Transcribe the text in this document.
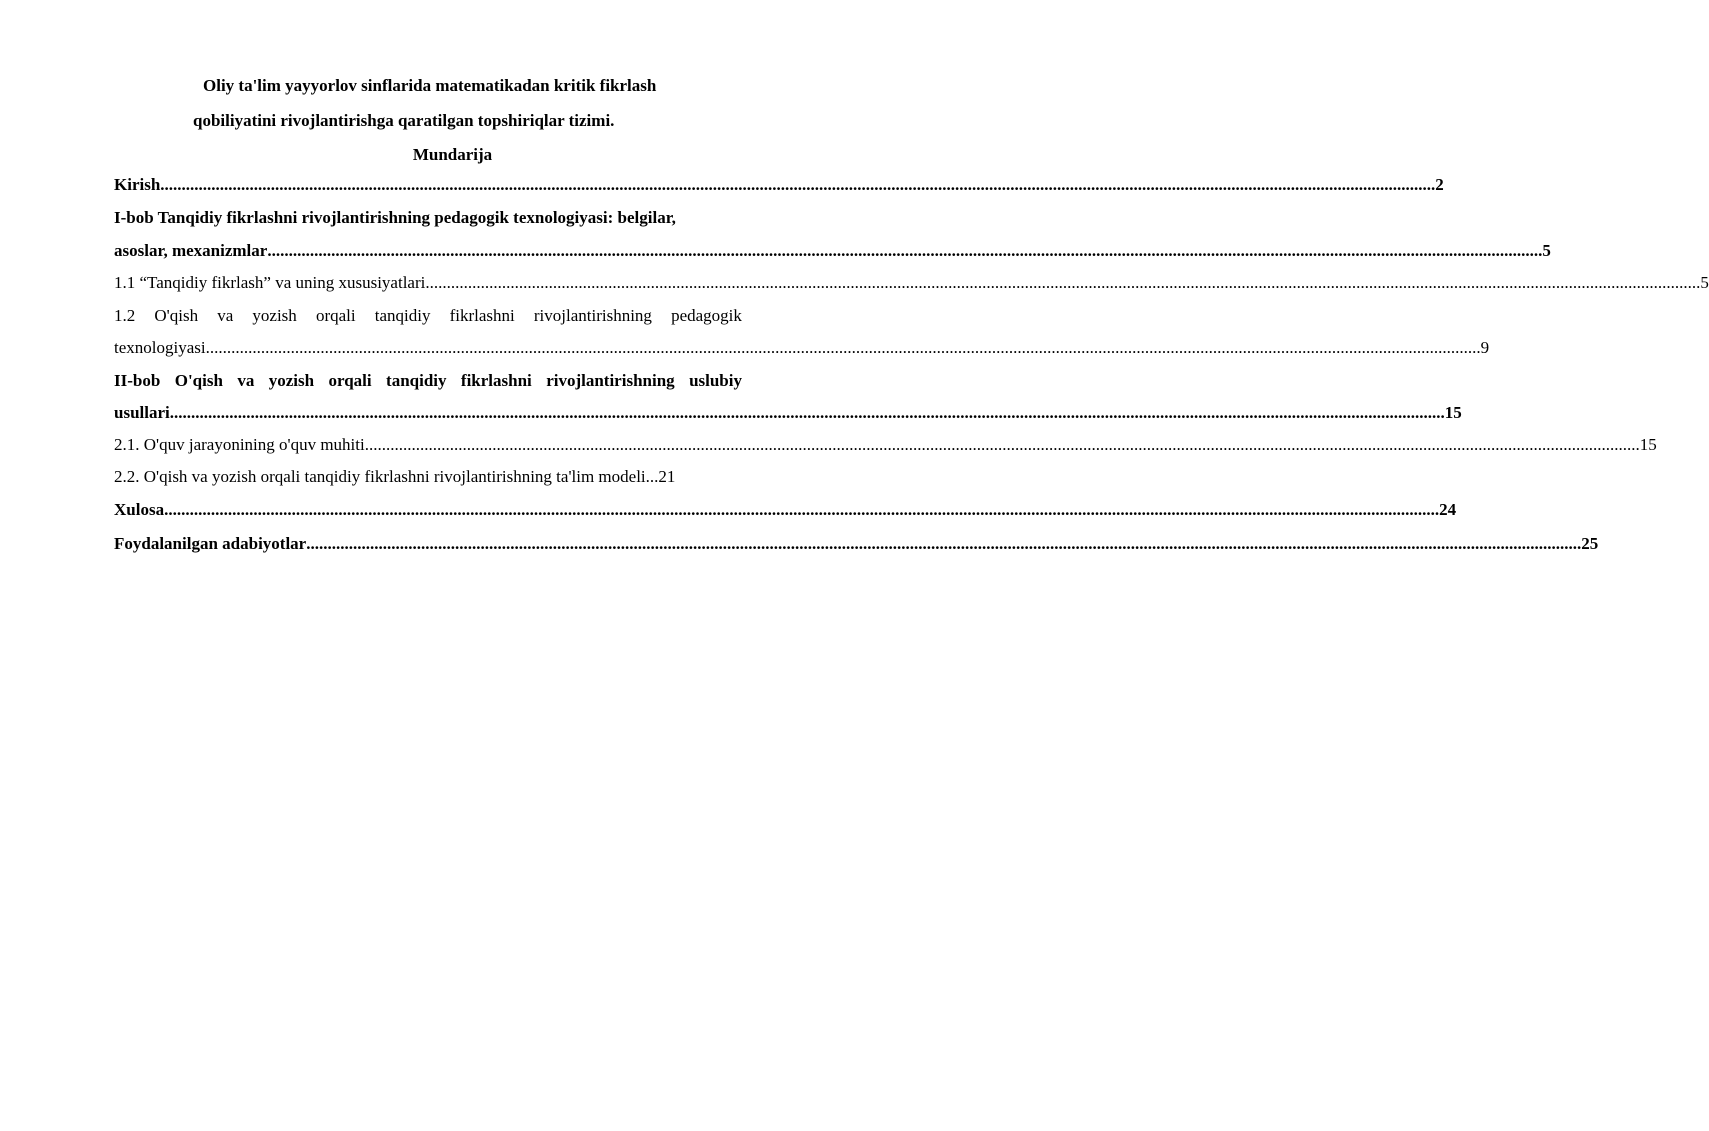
Oliy ta'lim yayyorlov sinflarida matematikadan kritik fikrlash
qobiliyatini rivojlantirishga qaratilgan topshiriqlar tizimi.
Mundarija
Kirish ............................................................................................................................................................................................................................................................................................................ 2
I-bob Tanqidiy fikrlashni rivojlantirishning pedagogik texnologiyasi: belgilar,
asoslar, mexanizmlar ............................................................................................................................................................................................................................................................................................................ 5
1.1 “Tanqidiy fikrlash” va uning xususiyatlari ............................................................................................................................................................................................................................................................................................................ 5
1.2 O'qish va yozish orqali tanqidiy fikrlashni rivojlantirishning pedagogik
texnologiyasi ............................................................................................................................................................................................................................................................................................................ 9
II-bob O'qish va yozish orqali tanqidiy fikrlashni rivojlantirishning uslubiy
usullari ............................................................................................................................................................................................................................................................................................................ 15
2.1. O'quv jarayonining o'quv muhiti ............................................................................................................................................................................................................................................................................................................ 15
2.2. O'qish va yozish orqali tanqidiy fikrlashni rivojlantirishning ta'lim modeli...21
Xulosa ............................................................................................................................................................................................................................................................................................................ 24
Foydalanilgan adabiyotlar ............................................................................................................................................................................................................................................................................................................ 25
